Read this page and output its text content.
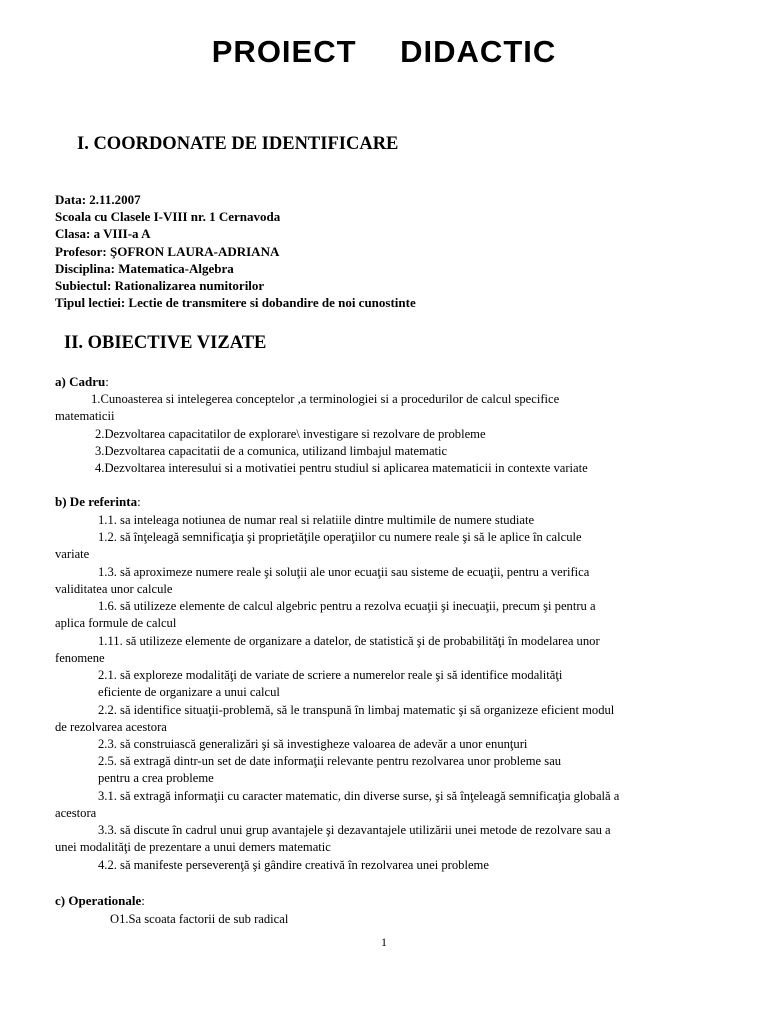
PROIECT DIDACTIC
I. COORDONATE DE IDENTIFICARE
Data: 2.11.2007
Scoala cu Clasele I-VIII nr. 1 Cernavoda
Clasa: a VIII-a A
Profesor: ŞOFRON LAURA-ADRIANA
Disciplina: Matematica-Algebra
Subiectul: Rationalizarea numitorilor
Tipul lectiei: Lectie de transmitere si dobandire de noi cunostinte
II. OBIECTIVE VIZATE
a) Cadru:
b) De referinta:
c) Operationale:
1.Cunoasterea si intelegerea conceptelor ,a terminologiei si a procedurilor de calcul specifice
matematicii
2.Dezvoltarea capacitatilor de explorare\ investigare si rezolvare de probleme
3.Dezvoltarea capacitatii de a comunica, utilizand limbajul matematic
4.Dezvoltarea interesului si a motivatiei pentru studiul si aplicarea matematicii in contexte variate
1.1. sa inteleaga notiunea de numar real si relatiile dintre multimile de numere studiate
1.2. să înţeleagă semnificaţia şi proprietăţile operaţiilor cu numere reale şi să le aplice în calcule
variate
1.3. să aproximeze numere reale şi soluţii ale unor ecuaţii sau sisteme de ecuaţii, pentru a verifica
validitatea unor calcule
1.6. să utilizeze elemente de calcul algebric pentru a rezolva ecuaţii şi inecuaţii, precum şi pentru a
aplica formule de calcul
1.11. să utilizeze elemente de organizare a datelor, de statistică şi de probabilităţi în modelarea unor
fenomene
2.1. să exploreze modalităţi de variate de scriere a numerelor reale şi să identifice modalităţi
eficiente de organizare a unui calcul
2.2. să identifice situaţii-problemă, să le transpună în limbaj matematic şi să organizeze eficient modul
de rezolvarea acestora
2.3. să construiască generalizări şi să investigheze valoarea de adevăr a unor enunţuri
2.5. să extragă dintr-un set de date informaţii relevante pentru rezolvarea unor probleme sau
pentru a crea probleme
3.1. să extragă informaţii cu caracter matematic, din diverse surse, şi să înţeleagă semnificaţia globală a
acestora
3.3. să discute în cadrul unui grup avantajele şi dezavantajele utilizării unei metode de rezolvare sau a
unei modalităţi de prezentare a unui demers matematic
4.2. să manifeste perseverenţă şi gândire creativă în rezolvarea unei probleme
O1.Sa scoata factorii de sub radical
1
